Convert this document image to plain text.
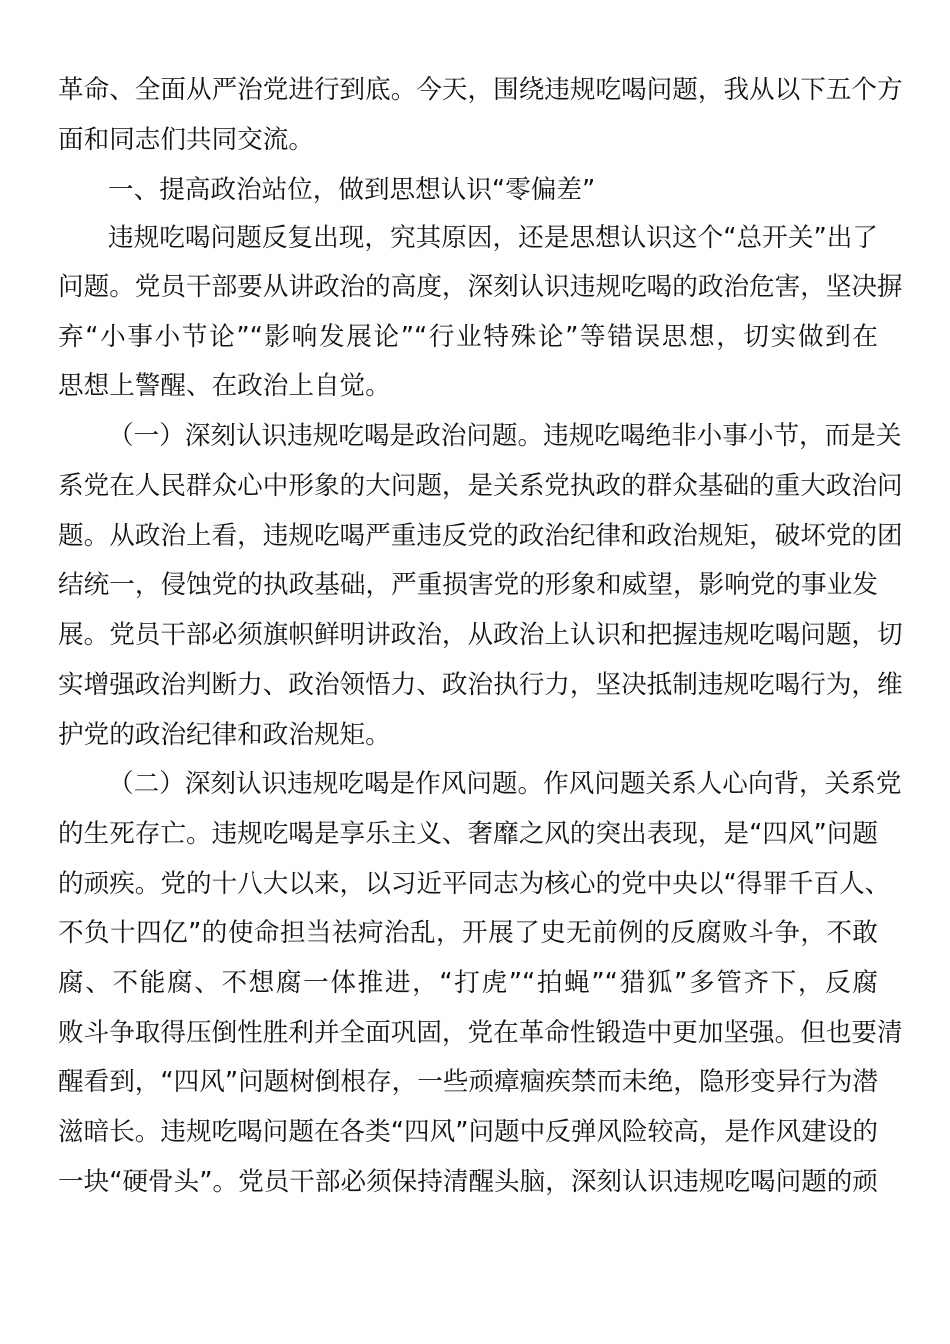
革命、全面从严治党进行到底。今天，围绕违规吃喝问题，我从以下五个方
面和同志们共同交流。
一、提高政治站位，做到思想认识“零偏差”
违规吃喝问题反复出现，究其原因，还是思想认识这个“总开关”出了
问题。党员干部要从讲政治的高度，深刻认识违规吃喝的政治危害，坚决摒
弃“小事小节论”“影响发展论”“行业特殊论”等错误思想，切实做到在
思想上警醒、在政治上自觉。
（一）深刻认识违规吃喝是政治问题。违规吃喝绝非小事小节，而是关
系党在人民群众心中形象的大问题，是关系党执政的群众基础的重大政治问
题。从政治上看，违规吃喝严重违反党的政治纪律和政治规矩，破坏党的团
结统一，侵蚀党的执政基础，严重损害党的形象和威望，影响党的事业发
展。党员干部必须旗帜鲜明讲政治，从政治上认识和把握违规吃喝问题，切
实增强政治判断力、政治领悟力、政治执行力，坚决抵制违规吃喝行为，维
护党的政治纪律和政治规矩。
（二）深刻认识违规吃喝是作风问题。作风问题关系人心向背，关系党
的生死存亡。违规吃喝是享乐主义、奢靡之风的突出表现，是“四风”问题
的顽疾。党的十八大以来，以习近平同志为核心的党中央以“得罪千百人、
不负十四亿”的使命担当祛疴治乱，开展了史无前例的反腐败斗争，不敢
腐、不能腐、不想腐一体推进，“打虎”“拍蝇”“猎狐”多管齐下，反腐
败斗争取得压倒性胜利并全面巩固，党在革命性锻造中更加坚强。但也要清
醒看到，“四风”问题树倒根存，一些顽瘴痼疾禁而未绝，隐形变异行为潜
滋暗长。违规吃喝问题在各类“四风”问题中反弹风险较高，是作风建设的
一块“硬骨头”。党员干部必须保持清醒头脑，深刻认识违规吃喝问题的顽
